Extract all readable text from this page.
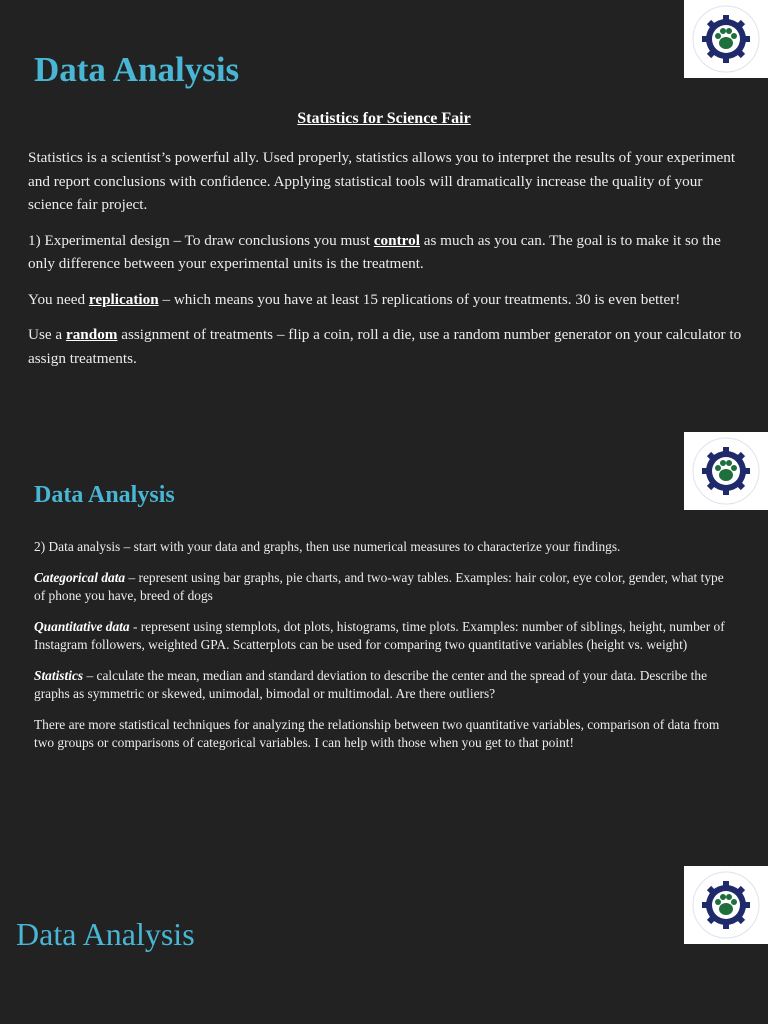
Data Analysis
Statistics for Science Fair

Statistics is a scientist’s powerful ally. Used properly, statistics allows you to interpret the results of your experiment and report conclusions with confidence. Applying statistical tools will dramatically increase the quality of your science fair project.

1) Experimental design – To draw conclusions you must control as much as you can. The goal is to make it so the only difference between your experimental units is the treatment.

You need replication – which means you have at least 15 replications of your treatments. 30 is even better!

Use a random assignment of treatments – flip a coin, roll a die, use a random number generator on your calculator to assign treatments.

Data Analysis

2) Data analysis – start with your data and graphs, then use numerical measures to characterize your findings.

Categorical data – represent using bar graphs, pie charts, and two-way tables. Examples: hair color, eye color, gender, what type of phone you have, breed of dogs

Quantitative data - represent using stemplots, dot plots, histograms, time plots. Examples: number of siblings, height, number of Instagram followers, weighted GPA. Scatterplots can be used for comparing two quantitative variables (height vs. weight)

Statistics – calculate the mean, median and standard deviation to describe the center and the spread of your data. Describe the graphs as symmetric or skewed, unimodal, bimodal or multimodal. Are there outliers?

There are more statistical techniques for analyzing the relationship between two quantitative variables, comparison of data from two groups or comparisons of categorical variables. I can help with those when you get to that point!

Data Analysis
